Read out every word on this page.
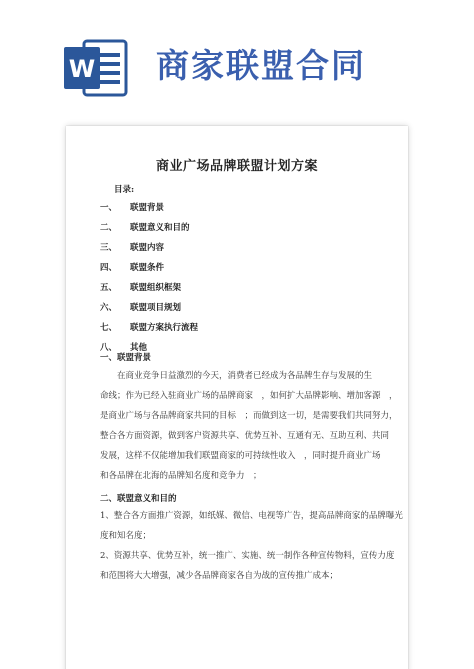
W 商家联盟合同
商业广场品牌联盟计划方案
目录:
一、 联盟背景
二、 联盟意义和目的
三、 联盟内容
四、 联盟条件
五、 联盟组织框架
六、 联盟项目规划
七、 联盟方案执行流程
八、 其他
一、联盟背景
　　在商业竞争日益激烈的今天，消费者已经成为各品牌生存与发展的生
命线；作为已经入驻商业广场的品牌商家　，如何扩大品牌影响、增加客源　，
是商业广场与各品牌商家共同的目标　；而做到这一切，是需要我们共同努力，
整合各方面资源，做到客户资源共享、优势互补、互通有无、互助互利、共同
发展，这样不仅能增加我们联盟商家的可持续性收入　，同时提升商业广场
和各品牌在北海的品牌知名度和竞争力　；
二、联盟意义和目的
1、整合各方面推广资源，如纸媒、微信、电视等广告，提高品牌商家的品牌曝光
度和知名度；
2、资源共享、优势互补，统一推广、实施、统一制作各种宣传物料，宣传力度
和范围将大大增强，减少各品牌商家各自为战的宣传推广成本；
